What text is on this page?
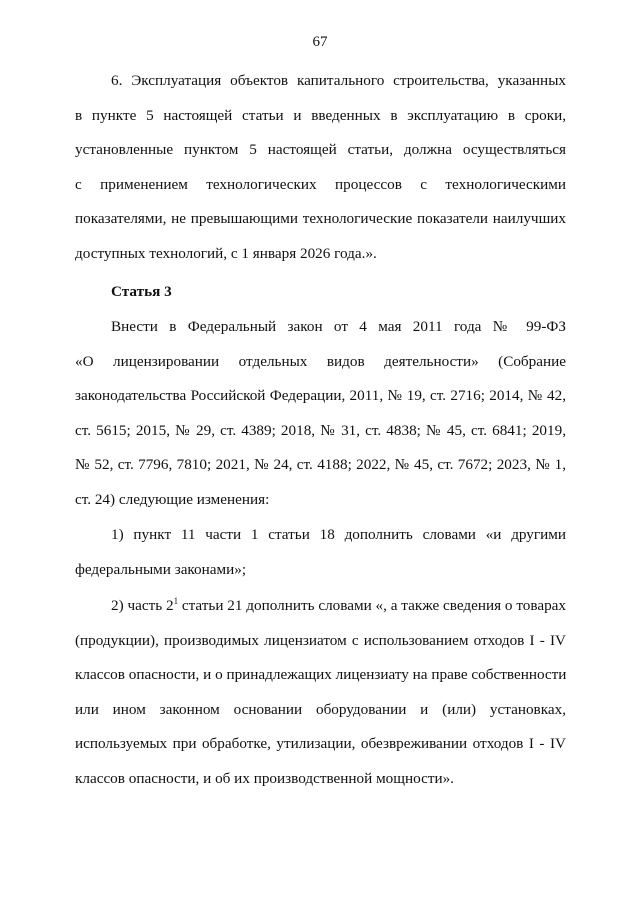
67
6. Эксплуатация объектов капитального строительства, указанных
в пункте 5 настоящей статьи и введенных в эксплуатацию в сроки,
установленные пунктом 5 настоящей статьи, должна осуществляться
с применением технологических процессов с технологическими
показателями, не превышающими технологические показатели наилучших
доступных технологий, с 1 января 2026 года.».
Статья 3
Внести в Федеральный закон от 4 мая 2011 года № 99-ФЗ
«О лицензировании отдельных видов деятельности» (Собрание
законодательства Российской Федерации, 2011, № 19, ст. 2716; 2014, № 42,
ст. 5615; 2015, № 29, ст. 4389; 2018, № 31, ст. 4838; № 45, ст. 6841; 2019,
№ 52, ст. 7796, 7810; 2021, № 24, ст. 4188; 2022, № 45, ст. 7672; 2023, № 1,
ст. 24) следующие изменения:
1) пункт 11 части 1 статьи 18 дополнить словами «и другими
федеральными законами»;
2) часть $2^1$ статьи 21 дополнить словами «, а также сведения о товарах
(продукции), производимых лицензиатом с использованием отходов I - IV
классов опасности, и о принадлежащих лицензиату на праве собственности
или ином законном основании оборудовании и (или) установках,
используемых при обработке, утилизации, обезвреживании отходов I - IV
классов опасности, и об их производственной мощности».
